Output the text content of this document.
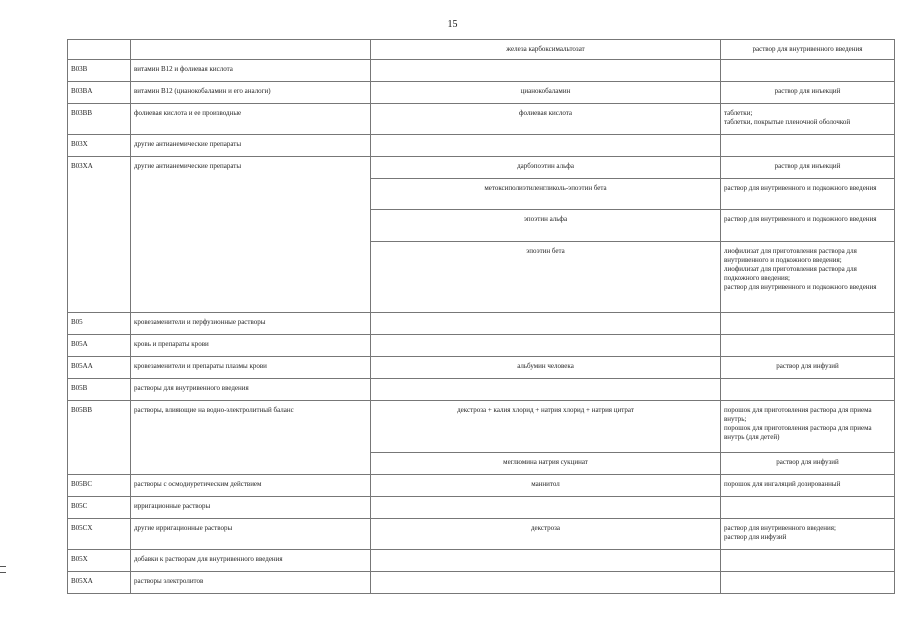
15
		железа карбоксимальтозат	раствор для внутривенного введения
B03B	витамин B12 и фолиевая кислота		
B03BA	витамин B12 (цианокобаламин и его аналоги)	цианокобаламин	раствор для инъекций
B03BB	фолиевая кислота и ее производные	фолиевая кислота	таблетки;
таблетки, покрытые пленочной оболочкой
B03X	другие антианемические препараты		
B03XA	другие антианемические препараты	дарбэпоэтин альфа	раствор для инъекций
		метоксиполиэтиленгликоль-эпоэтин бета	раствор для внутривенного и подкожного введения
		эпоэтин альфа	раствор для внутривенного и подкожного введения
		эпоэтин бета	лиофилизат для приготовления раствора для внутривенного и подкожного введения;
лиофилизат для приготовления раствора для подкожного введения;
раствор для внутривенного и подкожного введения
B05	кровезаменители и перфузионные растворы		
B05A	кровь и препараты крови		
B05AA	кровезаменители и препараты плазмы крови	альбумин человека	раствор для инфузий
B05B	растворы для внутривенного введения		
B05BB	растворы, влияющие на водно-электролитный баланс	декстроза + калия хлорид + натрия хлорид + натрия цитрат	порошок для приготовления раствора для приема внутрь;
порошок для приготовления раствора для приема внутрь (для детей)
		меглюмина натрия сукцинат	раствор для инфузий
B05BC	растворы с осмодиуретическим действием	маннитол	порошок для ингаляций дозированный
B05C	ирригационные растворы		
B05CX	другие ирригационные растворы	декстроза	раствор для внутривенного введения;
раствор для инфузий
B05X	добавки к растворам для внутривенного введения		
B05XA	растворы электролитов		
